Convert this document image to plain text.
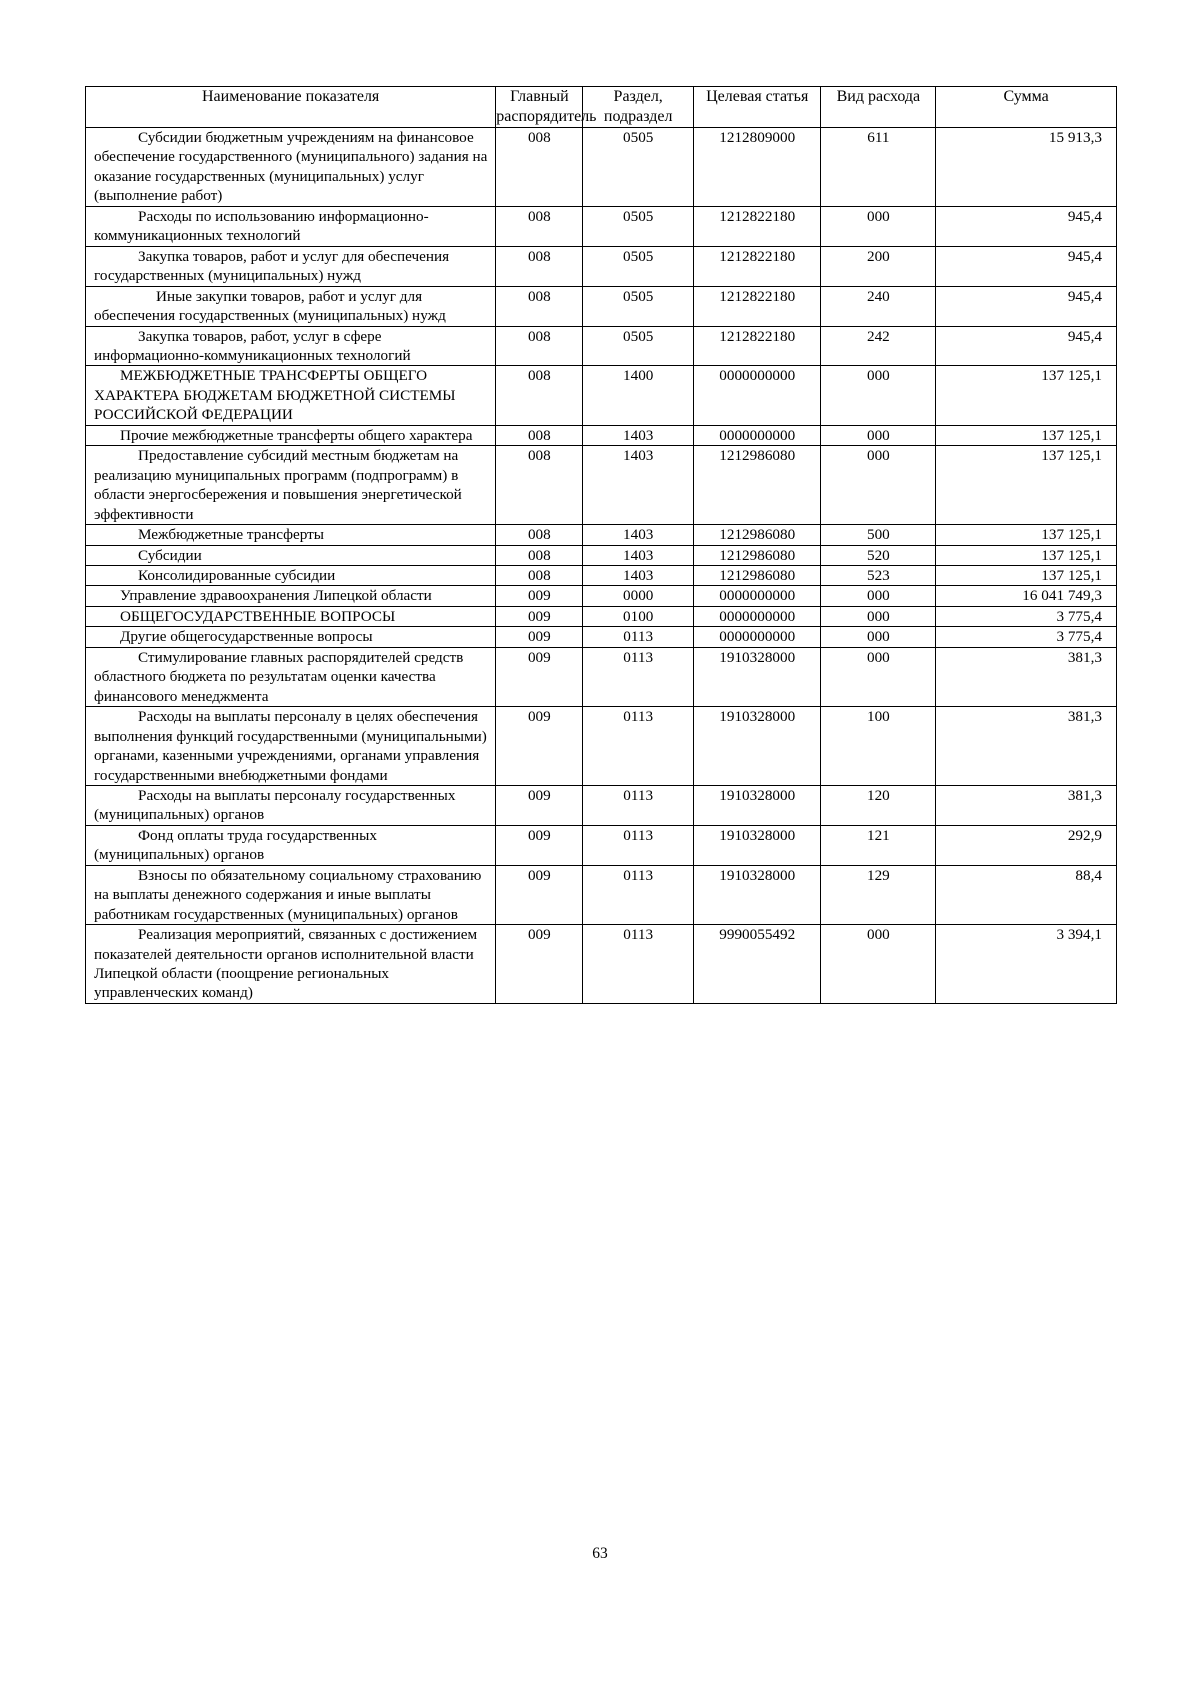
Наименование показателя	Главный распорядитель	Раздел, подраздел	Целевая статья	Вид расхода	Сумма
Субсидии бюджетным учреждениям на финансовое обеспечение государственного (муниципального) задания на оказание государственных (муниципальных) услуг (выполнение работ)	008	0505	1212809000	611	15 913,3
Расходы по использованию информационно-коммуникационных технологий	008	0505	1212822180	000	945,4
Закупка товаров, работ и услуг для обеспечения государственных (муниципальных) нужд	008	0505	1212822180	200	945,4
Иные закупки товаров, работ и услуг для обеспечения государственных (муниципальных) нужд	008	0505	1212822180	240	945,4
Закупка товаров, работ, услуг в сфере информационно-коммуникационных технологий	008	0505	1212822180	242	945,4
МЕЖБЮДЖЕТНЫЕ ТРАНСФЕРТЫ ОБЩЕГО ХАРАКТЕРА БЮДЖЕТАМ БЮДЖЕТНОЙ СИСТЕМЫ РОССИЙСКОЙ ФЕДЕРАЦИИ	008	1400	0000000000	000	137 125,1
Прочие межбюджетные трансферты общего характера	008	1403	0000000000	000	137 125,1
Предоставление субсидий местным бюджетам на реализацию муниципальных программ (подпрограмм) в области энергосбережения и повышения энергетической эффективности	008	1403	1212986080	000	137 125,1
Межбюджетные трансферты	008	1403	1212986080	500	137 125,1
Субсидии	008	1403	1212986080	520	137 125,1
Консолидированные субсидии	008	1403	1212986080	523	137 125,1
Управление здравоохранения Липецкой области	009	0000	0000000000	000	16 041 749,3
ОБЩЕГОСУДАРСТВЕННЫЕ ВОПРОСЫ	009	0100	0000000000	000	3 775,4
Другие общегосударственные вопросы	009	0113	0000000000	000	3 775,4
Стимулирование главных распорядителей средств областного бюджета по результатам оценки качества финансового менеджмента	009	0113	1910328000	000	381,3
Расходы на выплаты персоналу в целях обеспечения выполнения функций государственными (муниципальными) органами, казенными учреждениями, органами управления государственными внебюджетными фондами	009	0113	1910328000	100	381,3
Расходы на выплаты персоналу государственных (муниципальных) органов	009	0113	1910328000	120	381,3
Фонд оплаты труда государственных (муниципальных) органов	009	0113	1910328000	121	292,9
Взносы по обязательному социальному страхованию на выплаты денежного содержания и иные выплаты работникам государственных (муниципальных) органов	009	0113	1910328000	129	88,4
Реализация мероприятий, связанных с достижением показателей деятельности органов исполнительной власти Липецкой области (поощрение региональных управленческих команд)	009	0113	9990055492	000	3 394,1
63
